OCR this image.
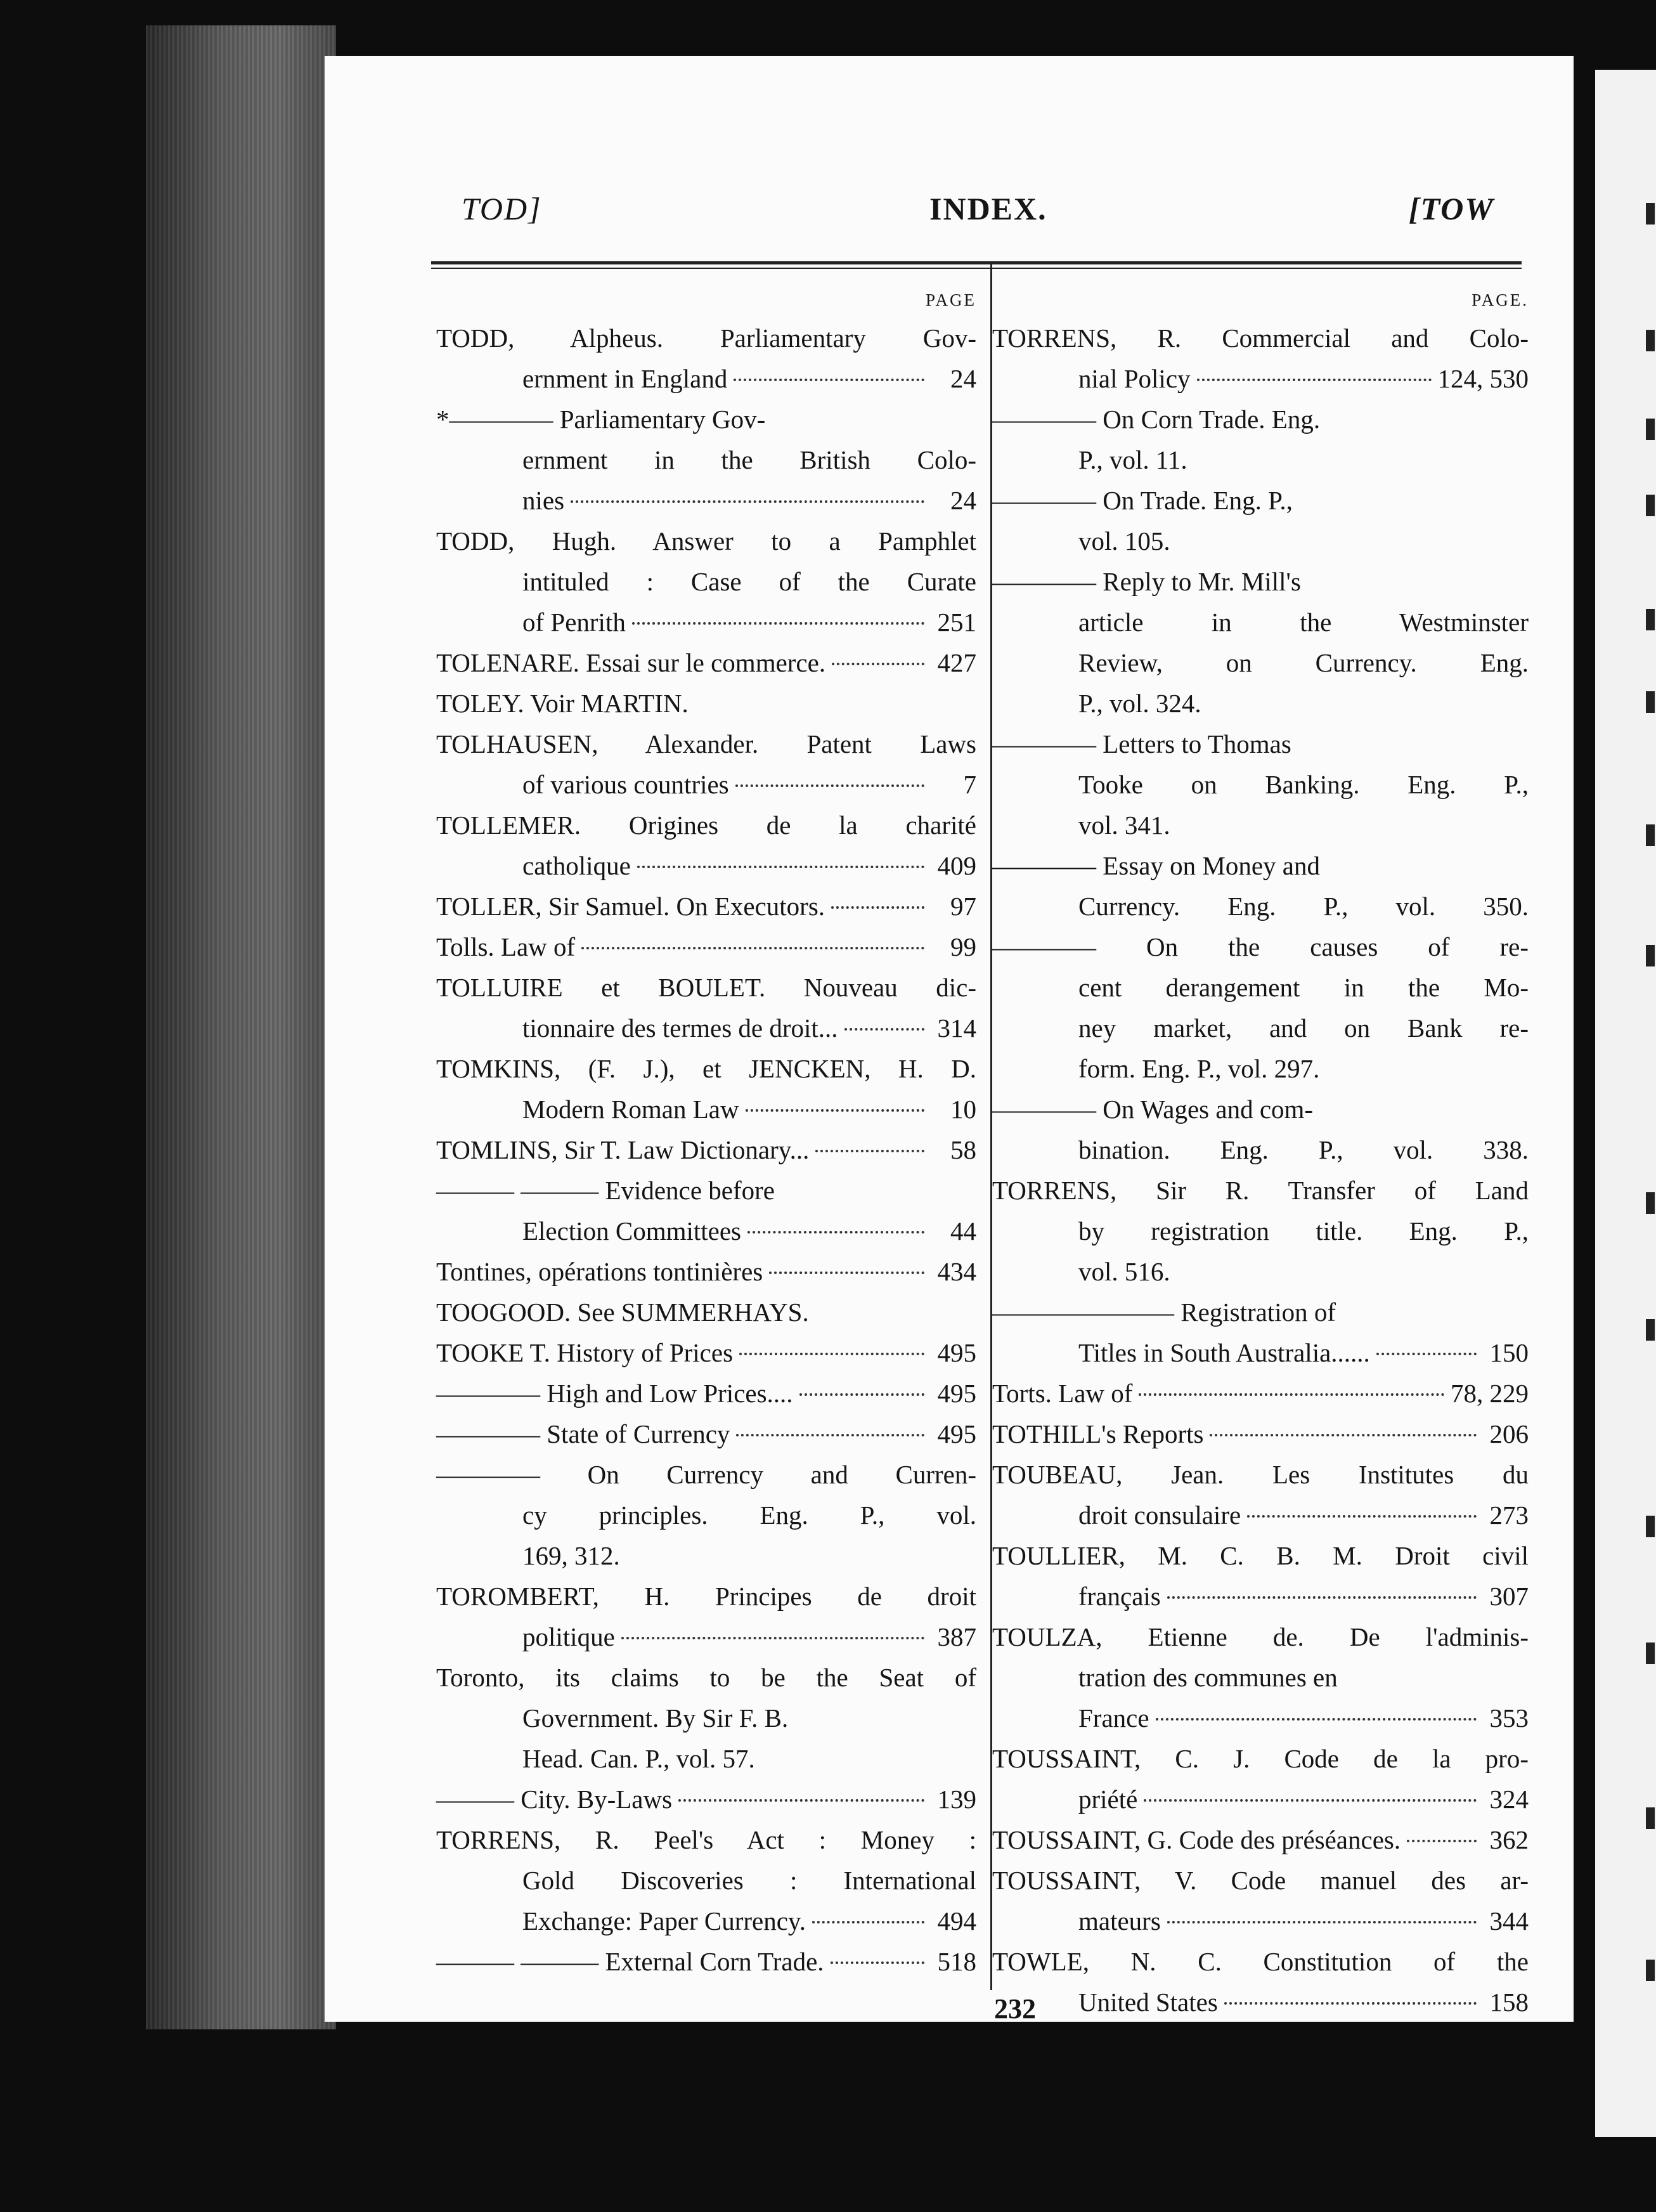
TOD]	INDEX.	[TOW
PAGE
TODD, Alpheus. Parliamentary Gov-
ernment in England	24
*———— Parliamentary Gov-
ernment in the British Colo-
nies	24
TODD, Hugh. Answer to a Pamphlet
intituled : Case of the Curate
of Penrith	251
TOLENARE. Essai sur le commerce.	427
TOLEY. Voir MARTIN.
TOLHAUSEN, Alexander. Patent Laws
of various countries	7
TOLLEMER. Origines de la charité
catholique	409
TOLLER, Sir Samuel. On Executors.	97
Tolls. Law of	99
TOLLUIRE et BOULET. Nouveau dic-
tionnaire des termes de droit...	314
TOMKINS, (F. J.), et JENCKEN, H. D.
Modern Roman Law	10
TOMLINS, Sir T. Law Dictionary...	58
——— ——— Evidence before
Election Committees	44
Tontines, opérations tontinières	434
TOOGOOD. See SUMMERHAYS.
TOOKE T. History of Prices	495
———— High and Low Prices....	495
———— State of Currency	495
———— On Currency and Curren-
cy principles. Eng. P., vol.
169, 312.
TOROMBERT, H. Principes de droit
politique	387
Toronto, its claims to be the Seat of
Government. By Sir F. B.
Head. Can. P., vol. 57.
——— City. By-Laws	139
TORRENS, R. Peel's Act : Money :
Gold Discoveries : International
Exchange: Paper Currency.	494
——— ——— External Corn Trade.	518
PAGE.
TORRENS, R. Commercial and Colo-
nial Policy	124, 530
———— On Corn Trade. Eng.
P., vol. 11.
———— On Trade. Eng. P.,
vol. 105.
———— Reply to Mr. Mill's
article in the Westminster
Review, on Currency. Eng.
P., vol. 324.
———— Letters to Thomas
Tooke on Banking. Eng. P.,
vol. 341.
———— Essay on Money and
Currency. Eng. P., vol. 350.
———— On the causes of re-
cent derangement in the Mo-
ney market, and on Bank re-
form. Eng. P., vol. 297.
———— On Wages and com-
bination. Eng. P., vol. 338.
TORRENS, Sir R. Transfer of Land
by registration title. Eng. P.,
vol. 516.
——————— Registration of
Titles in South Australia......	150
Torts. Law of	78, 229
TOTHILL's Reports	206
TOUBEAU, Jean. Les Institutes du
droit consulaire	273
TOULLIER, M. C. B. M. Droit civil
français	307
TOULZA, Etienne de. De l'adminis-
tration des communes en
France	353
TOUSSAINT, C. J. Code de la pro-
priété	324
TOUSSAINT, G. Code des préséances.	362
TOUSSAINT, V. Code manuel des ar-
mateurs	344
TOWLE, N. C. Constitution of the
United States	158
232
